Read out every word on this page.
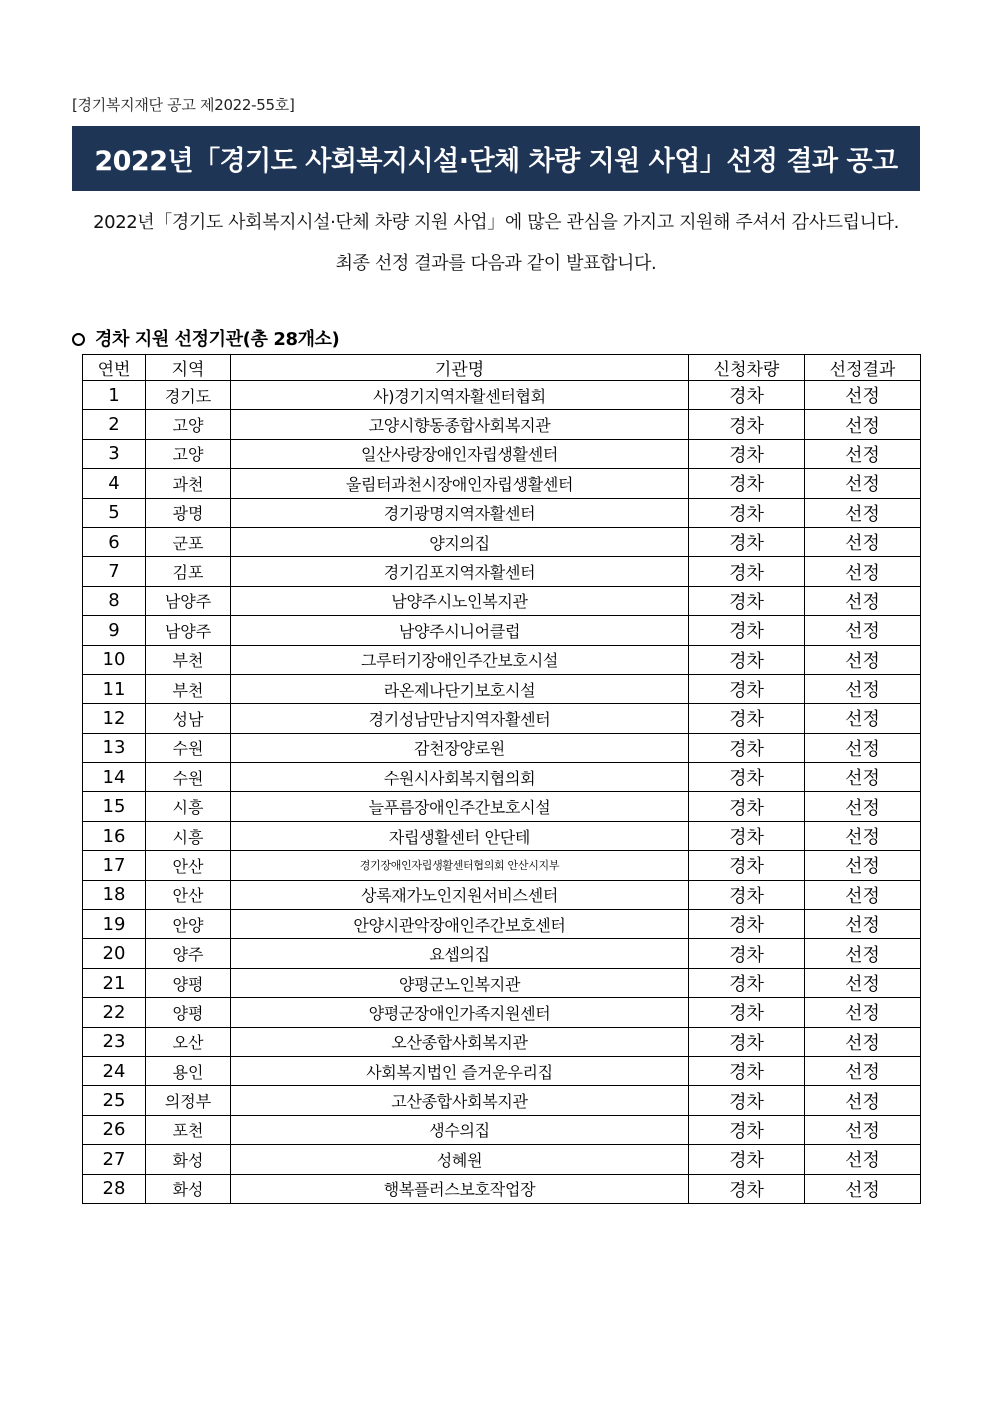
[경기복지재단 공고 제2022-55호]
2022년「경기도 사회복지시설·단체 차량 지원 사업」선정 결과 공고
2022년「경기도 사회복지시설·단체 차량 지원 사업」에 많은 관심을 가지고 지원해 주셔서 감사드립니다.
최종 선정 결과를 다음과 같이 발표합니다.
경차 지원 선정기관(총 28개소)
연번	지역	기관명	신청차량	선정결과
1	경기도	사)경기지역자활센터협회	경차	선정
2	고양	고양시향동종합사회복지관	경차	선정
3	고양	일산사랑장애인자립생활센터	경차	선정
4	과천	울림터과천시장애인자립생활센터	경차	선정
5	광명	경기광명지역자활센터	경차	선정
6	군포	양지의집	경차	선정
7	김포	경기김포지역자활센터	경차	선정
8	남양주	남양주시노인복지관	경차	선정
9	남양주	남양주시니어클럽	경차	선정
10	부천	그루터기장애인주간보호시설	경차	선정
11	부천	라온제나단기보호시설	경차	선정
12	성남	경기성남만남지역자활센터	경차	선정
13	수원	감천장양로원	경차	선정
14	수원	수원시사회복지협의회	경차	선정
15	시흥	늘푸름장애인주간보호시설	경차	선정
16	시흥	자립생활센터 안단테	경차	선정
17	안산	경기장애인자립생활센터협의회 안산시지부	경차	선정
18	안산	상록재가노인지원서비스센터	경차	선정
19	안양	안양시관악장애인주간보호센터	경차	선정
20	양주	요셉의집	경차	선정
21	양평	양평군노인복지관	경차	선정
22	양평	양평군장애인가족지원센터	경차	선정
23	오산	오산종합사회복지관	경차	선정
24	용인	사회복지법인 즐거운우리집	경차	선정
25	의정부	고산종합사회복지관	경차	선정
26	포천	생수의집	경차	선정
27	화성	성혜원	경차	선정
28	화성	행복플러스보호작업장	경차	선정
